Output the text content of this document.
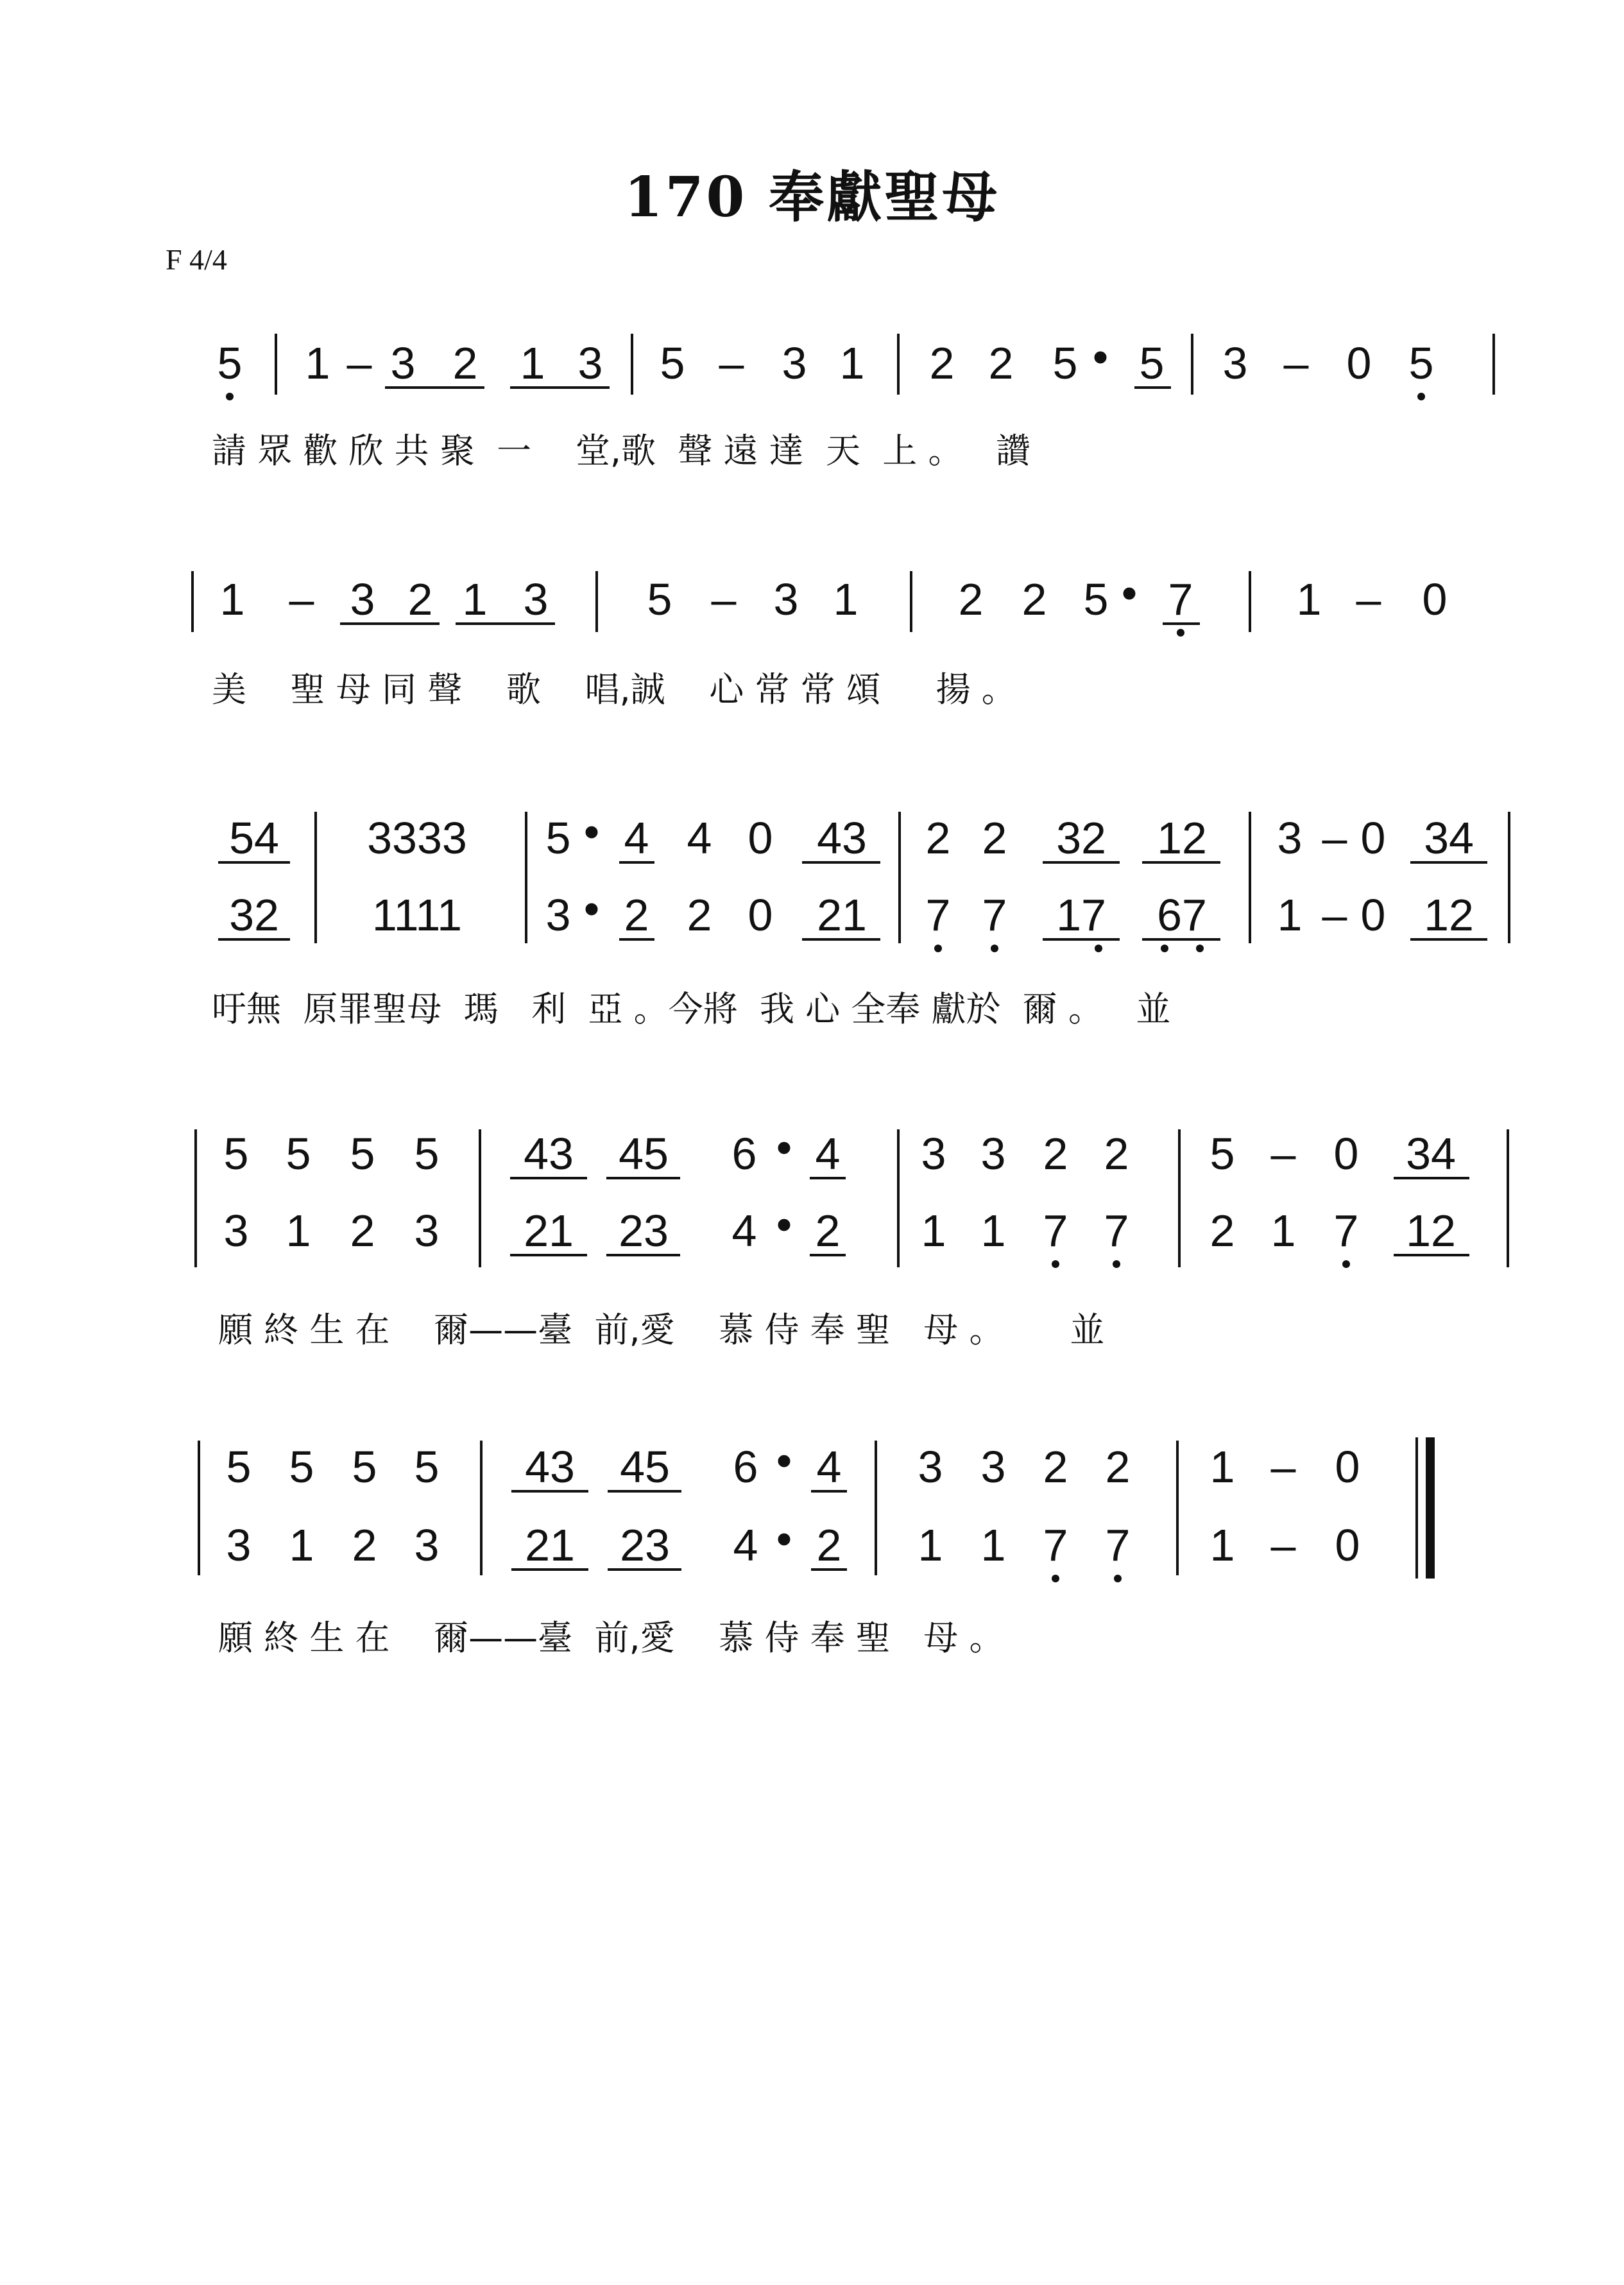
170 奉獻聖母
F 4/4
5 1 – 3 2 1 3 5 – 3 1 2 2 5 • 5 3 – 0 5
1 – 3 2 1 3 5 – 3 1 2 2 5 • 7 1 – 0
54
32
3333
1111
5 • 4 4 0 43
3 • 2 2 0 21
2 2 32 12
7 7 17 67
3 – 0 34
1 – 0 12
5 5 5 5
3 1 2 3
43 45 6 • 4
21 23 4 • 2
3 3 2 2
1 1 7 7
5 – 0 34
2 1 7 12
5 5 5 5
3 1 2 3
43 45 6 • 4
21 23 4 • 2
3 3 2 2
1 1 7 7
1 – 0
1 – 0
請 眾 歡 欣 共 聚  一    堂,歌  聲 遠 達  天  上 。   讚
美    聖 母 同 聲    歌    唱,誠    心 常 常 頌     揚 。
吁無  原罪聖母  瑪   利  亞 。今將  我 心 全奉 獻於  爾 。   並
願 終 生 在    爾——臺  前,愛    慕 侍 奉 聖   母 。      並
願 終 生 在    爾——臺  前,愛    慕 侍 奉 聖   母 。
